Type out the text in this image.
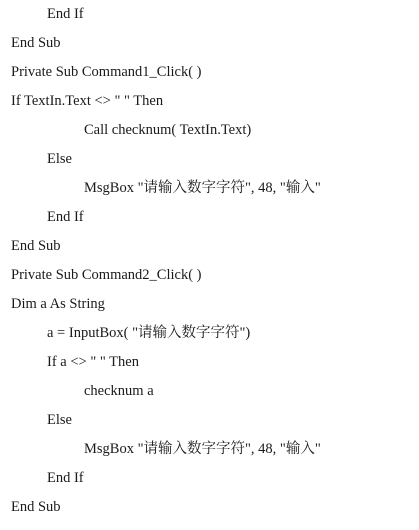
End If
End Sub
Private Sub Command1_Click( )
If TextIn.Text <> " " Then
Call checknum( TextIn.Text)
Else
MsgBox "请输入数字字符", 48, "输入"
End If
End Sub
Private Sub Command2_Click( )
Dim a As String
a = InputBox( "请输入数字字符")
If a <> " " Then
checknum a
Else
MsgBox "请输入数字字符", 48, "输入"
End If
End Sub
